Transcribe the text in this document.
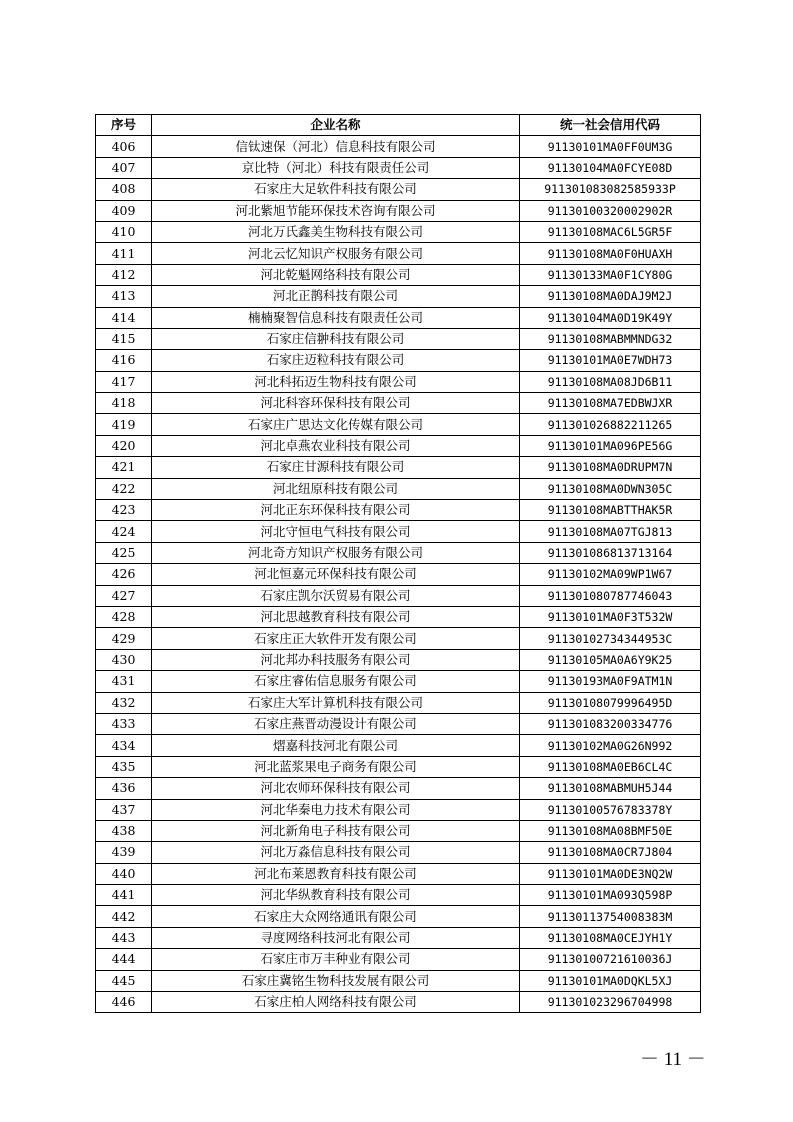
序号	企业名称	统一社会信用代码
406	信钛速保（河北）信息科技有限公司	91130101MA0FF0UM3G
407	京比特（河北）科技有限责任公司	91130104MA0FCYE08D
408	石家庄大足软件科技有限公司	911301083082585933P
409	河北紫旭节能环保技术咨询有限公司	91130100320002902R
410	河北万氏鑫美生物科技有限公司	91130108MAC6L5GR5F
411	河北云忆知识产权服务有限公司	91130108MA0F0HUAXH
412	河北乾魁网络科技有限公司	91130133MA0F1CY80G
413	河北正鹊科技有限公司	91130108MA0DAJ9M2J
414	楠楠聚智信息科技有限责任公司	91130104MA0D19K49Y
415	石家庄信翀科技有限公司	91130108MABMMNDG32
416	石家庄迈粒科技有限公司	91130101MA0E7WDH73
417	河北科拓迈生物科技有限公司	91130108MA08JD6B11
418	河北科容环保科技有限公司	91130108MA7EDBWJXR
419	石家庄广思达文化传媒有限公司	911301026882211265
420	河北卓燕农业科技有限公司	91130101MA096PE56G
421	石家庄甘源科技有限公司	91130108MA0DRUPM7N
422	河北纽原科技有限公司	91130108MA0DWN305C
423	河北正东环保科技有限公司	91130108MABTTHAK5R
424	河北守恒电气科技有限公司	91130108MA07TGJ813
425	河北奇方知识产权服务有限公司	911301086813713164
426	河北恒嘉元环保科技有限公司	91130102MA09WP1W67
427	石家庄凯尔沃贸易有限公司	911301080787746043
428	河北思越教育科技有限公司	91130101MA0F3T532W
429	石家庄正大软件开发有限公司	91130102734344953C
430	河北邦办科技服务有限公司	91130105MA0A6Y9K25
431	石家庄睿佑信息服务有限公司	91130193MA0F9ATM1N
432	石家庄大军计算机科技有限公司	91130108079996495D
433	石家庄燕晋动漫设计有限公司	911301083200334776
434	熠嘉科技河北有限公司	91130102MA0G26N992
435	河北蓝浆果电子商务有限公司	91130108MA0EB6CL4C
436	河北农师环保科技有限公司	91130108MABMUH5J44
437	河北华秦电力技术有限公司	91130100576783378Y
438	河北新角电子科技有限公司	91130108MA08BMF50E
439	河北万淼信息科技有限公司	91130108MA0CR7J804
440	河北布莱恩教育科技有限公司	91130101MA0DE3NQ2W
441	河北华纵教育科技有限公司	91130101MA093Q598P
442	石家庄大众网络通讯有限公司	91130113754008383M
443	寻度网络科技河北有限公司	91130108MA0CEJYH1Y
444	石家庄市万丰种业有限公司	91130100721610036J
445	石家庄冀铭生物科技发展有限公司	91130101MA0DQKL5XJ
446	石家庄柏人网络科技有限公司	911301023296704998
－ 11 －
